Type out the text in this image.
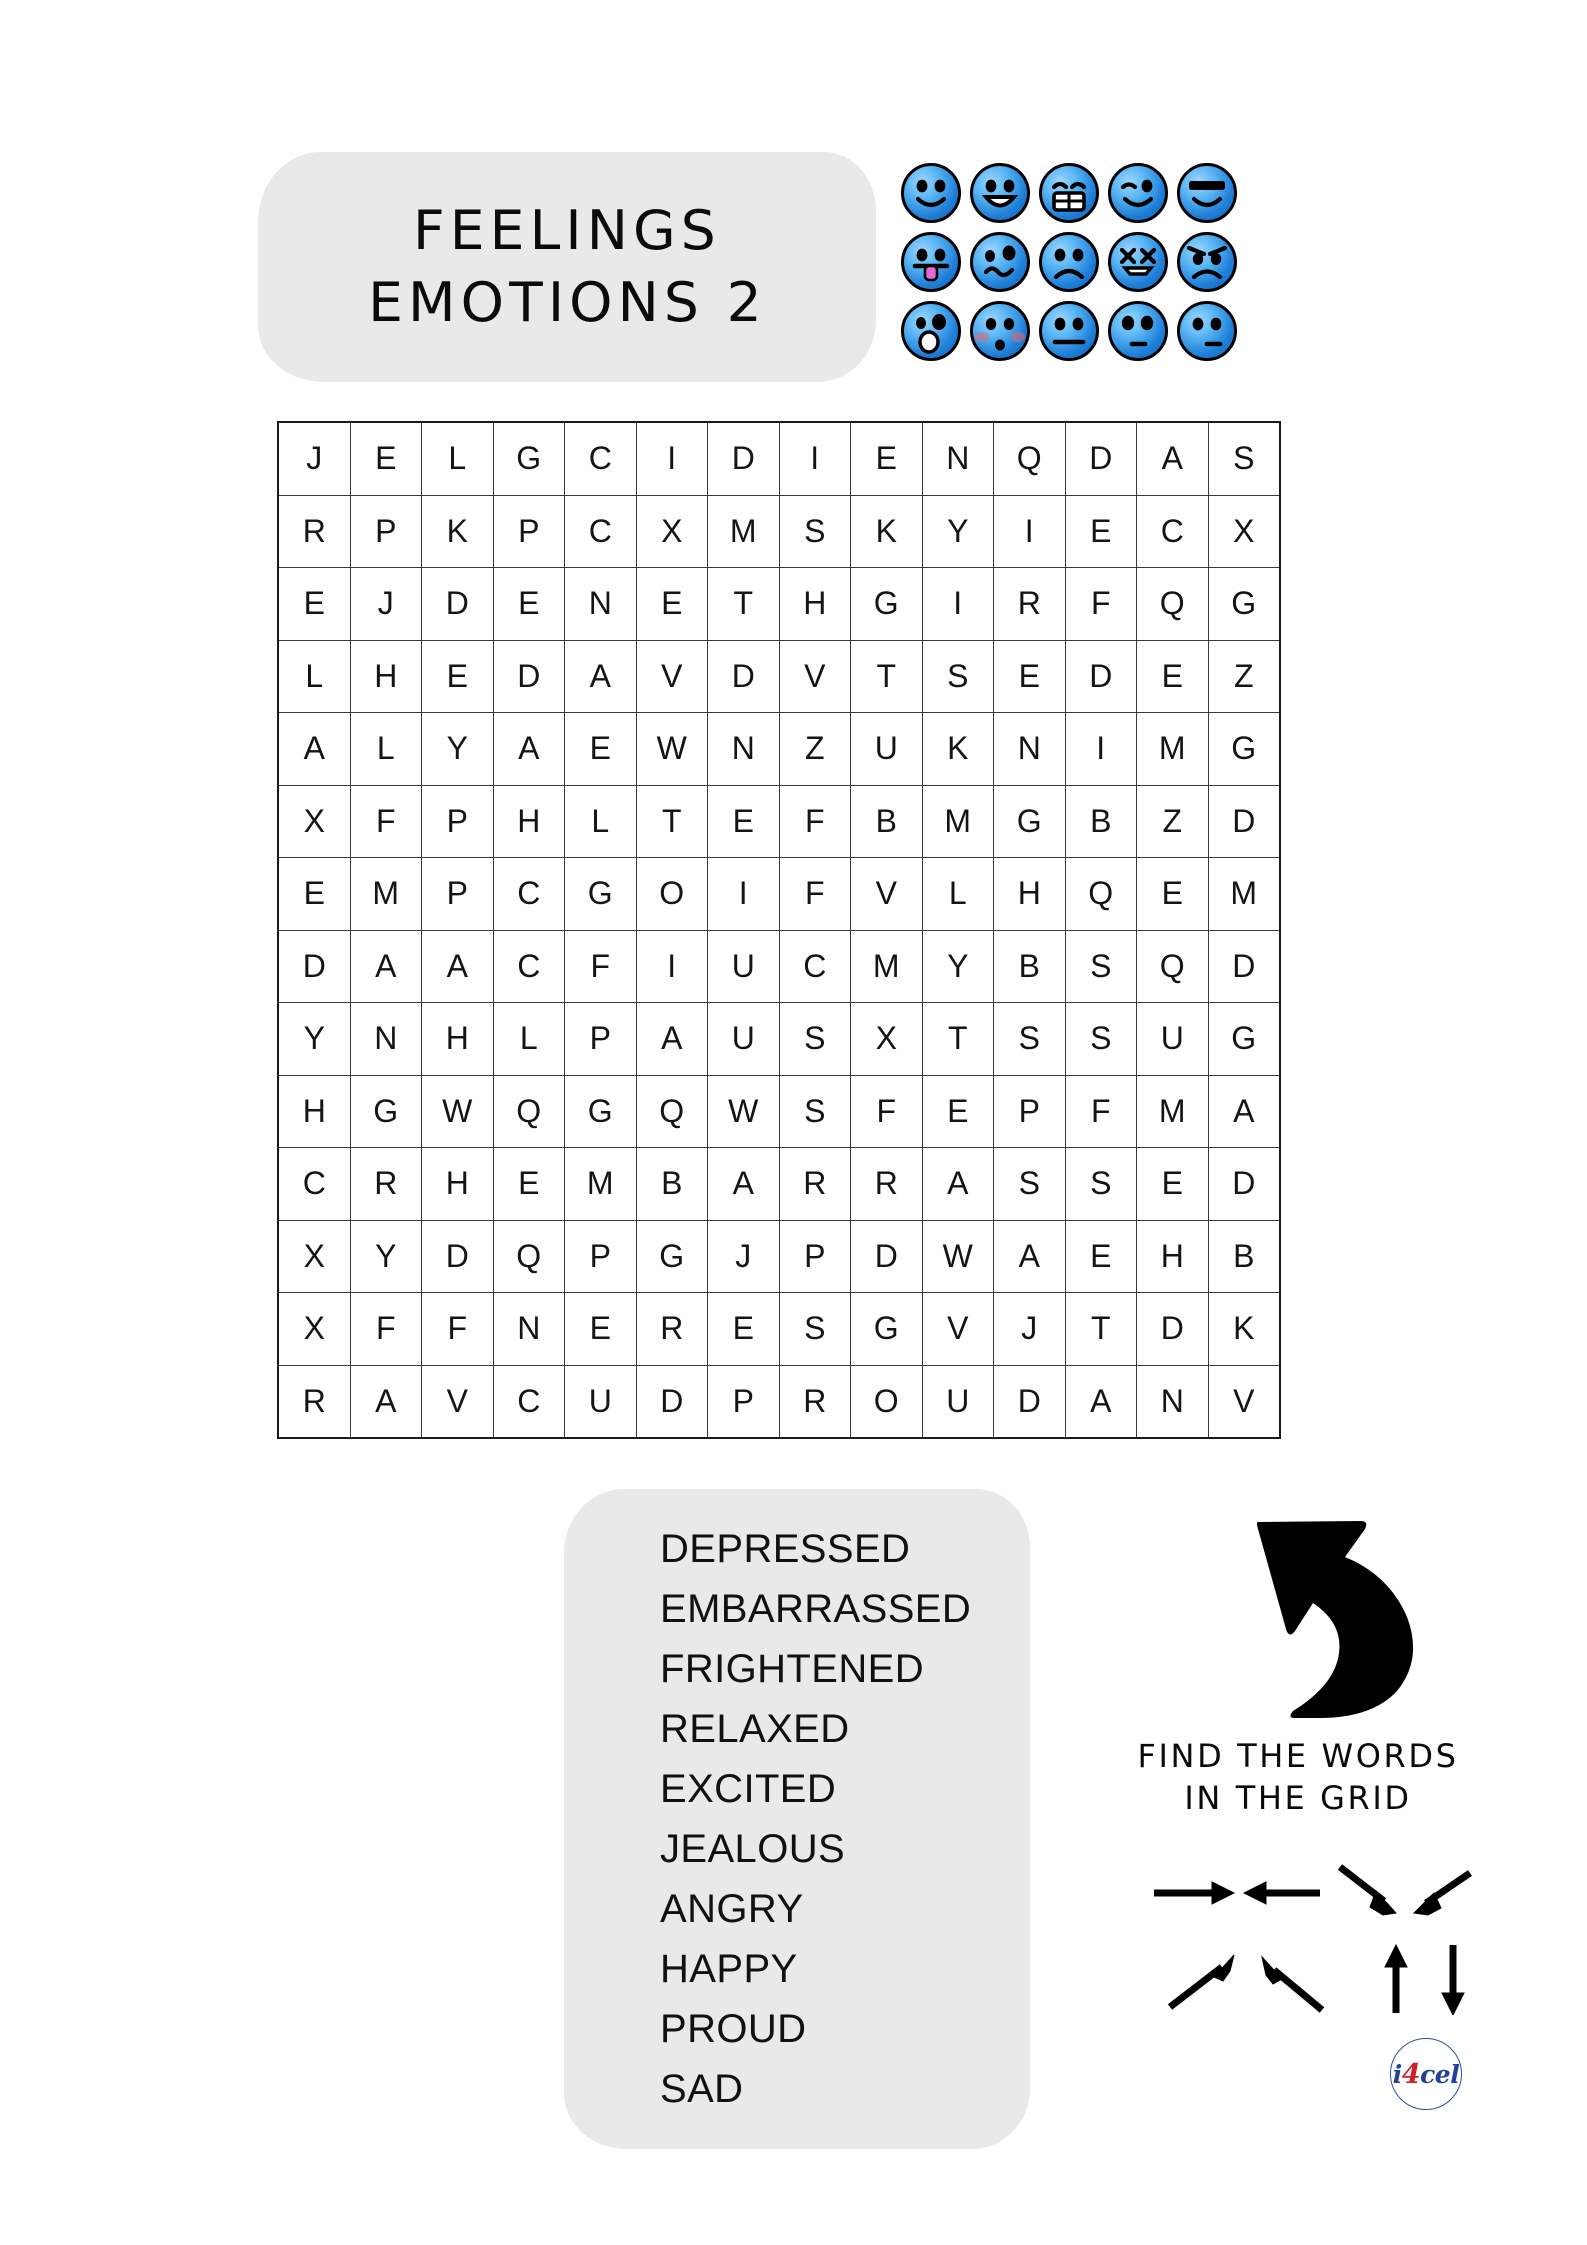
FEELINGS
EMOTIONS 2
J	E	L	G	C	I	D	I	E	N	Q	D	A	S
R	P	K	P	C	X	M	S	K	Y	I	E	C	X
E	J	D	E	N	E	T	H	G	I	R	F	Q	G
L	H	E	D	A	V	D	V	T	S	E	D	E	Z
A	L	Y	A	E	W	N	Z	U	K	N	I	M	G
X	F	P	H	L	T	E	F	B	M	G	B	Z	D
E	M	P	C	G	O	I	F	V	L	H	Q	E	M
D	A	A	C	F	I	U	C	M	Y	B	S	Q	D
Y	N	H	L	P	A	U	S	X	T	S	S	U	G
H	G	W	Q	G	Q	W	S	F	E	P	F	M	A
C	R	H	E	M	B	A	R	R	A	S	S	E	D
X	Y	D	Q	P	G	J	P	D	W	A	E	H	B
X	F	F	N	E	R	E	S	G	V	J	T	D	K
R	A	V	C	U	D	P	R	O	U	D	A	N	V
DEPRESSED
EMBARRASSED
FRIGHTENED
RELAXED
EXCITED
JEALOUS
ANGRY
HAPPY
PROUD
SAD
FIND THE WORDS
IN THE GRID
i 4 cel
